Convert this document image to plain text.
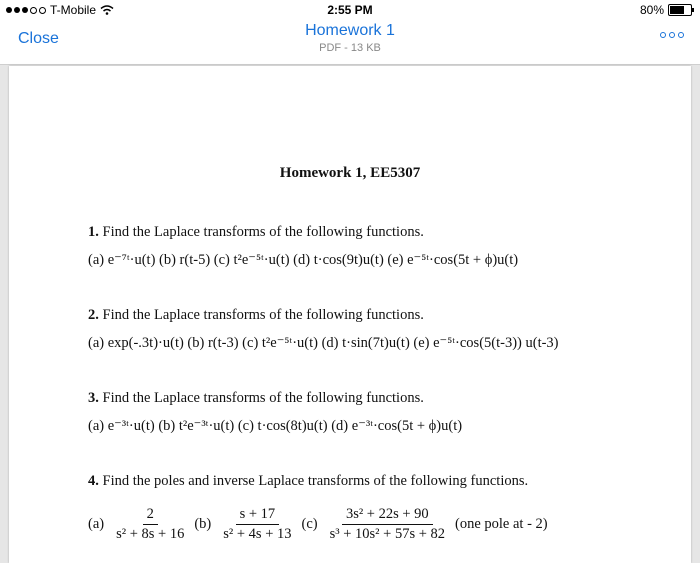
T-Mobile	2:55 PM	80%
Close	Homework 1
PDF - 13 KB
Homework 1, EE5307
1. Find the Laplace transforms of the following functions.
(a) e⁻⁷ᵗ·u(t) (b) r(t-5) (c) t²e⁻⁵ᵗ·u(t) (d) t·cos(9t)u(t) (e) e⁻⁵ᵗ·cos(5t + ϕ)u(t)
2. Find the Laplace transforms of the following functions.
(a) exp(-.3t)·u(t) (b) r(t-3) (c) t²e⁻⁵ᵗ·u(t) (d) t·sin(7t)u(t) (e) e⁻⁵ᵗ·cos(5(t-3)) u(t-3)
3. Find the Laplace transforms of the following functions.
(a) e⁻³ᵗ·u(t) (b) t²e⁻³ᵗ·u(t) (c) t·cos(8t)u(t) (d) e⁻³ᵗ·cos(5t + ϕ)u(t)
4. Find the poles and inverse Laplace transforms of the following functions.
$(a) \frac{2}{\text{s² + 8s + 16}} (b) \frac{s + 17}{\text{s² + 4s + 13}} (c) \frac{\text{3s² + 22s + 90}}{\text{s³ + 10s² + 57s + 82}} (one$ pole at - 2)
